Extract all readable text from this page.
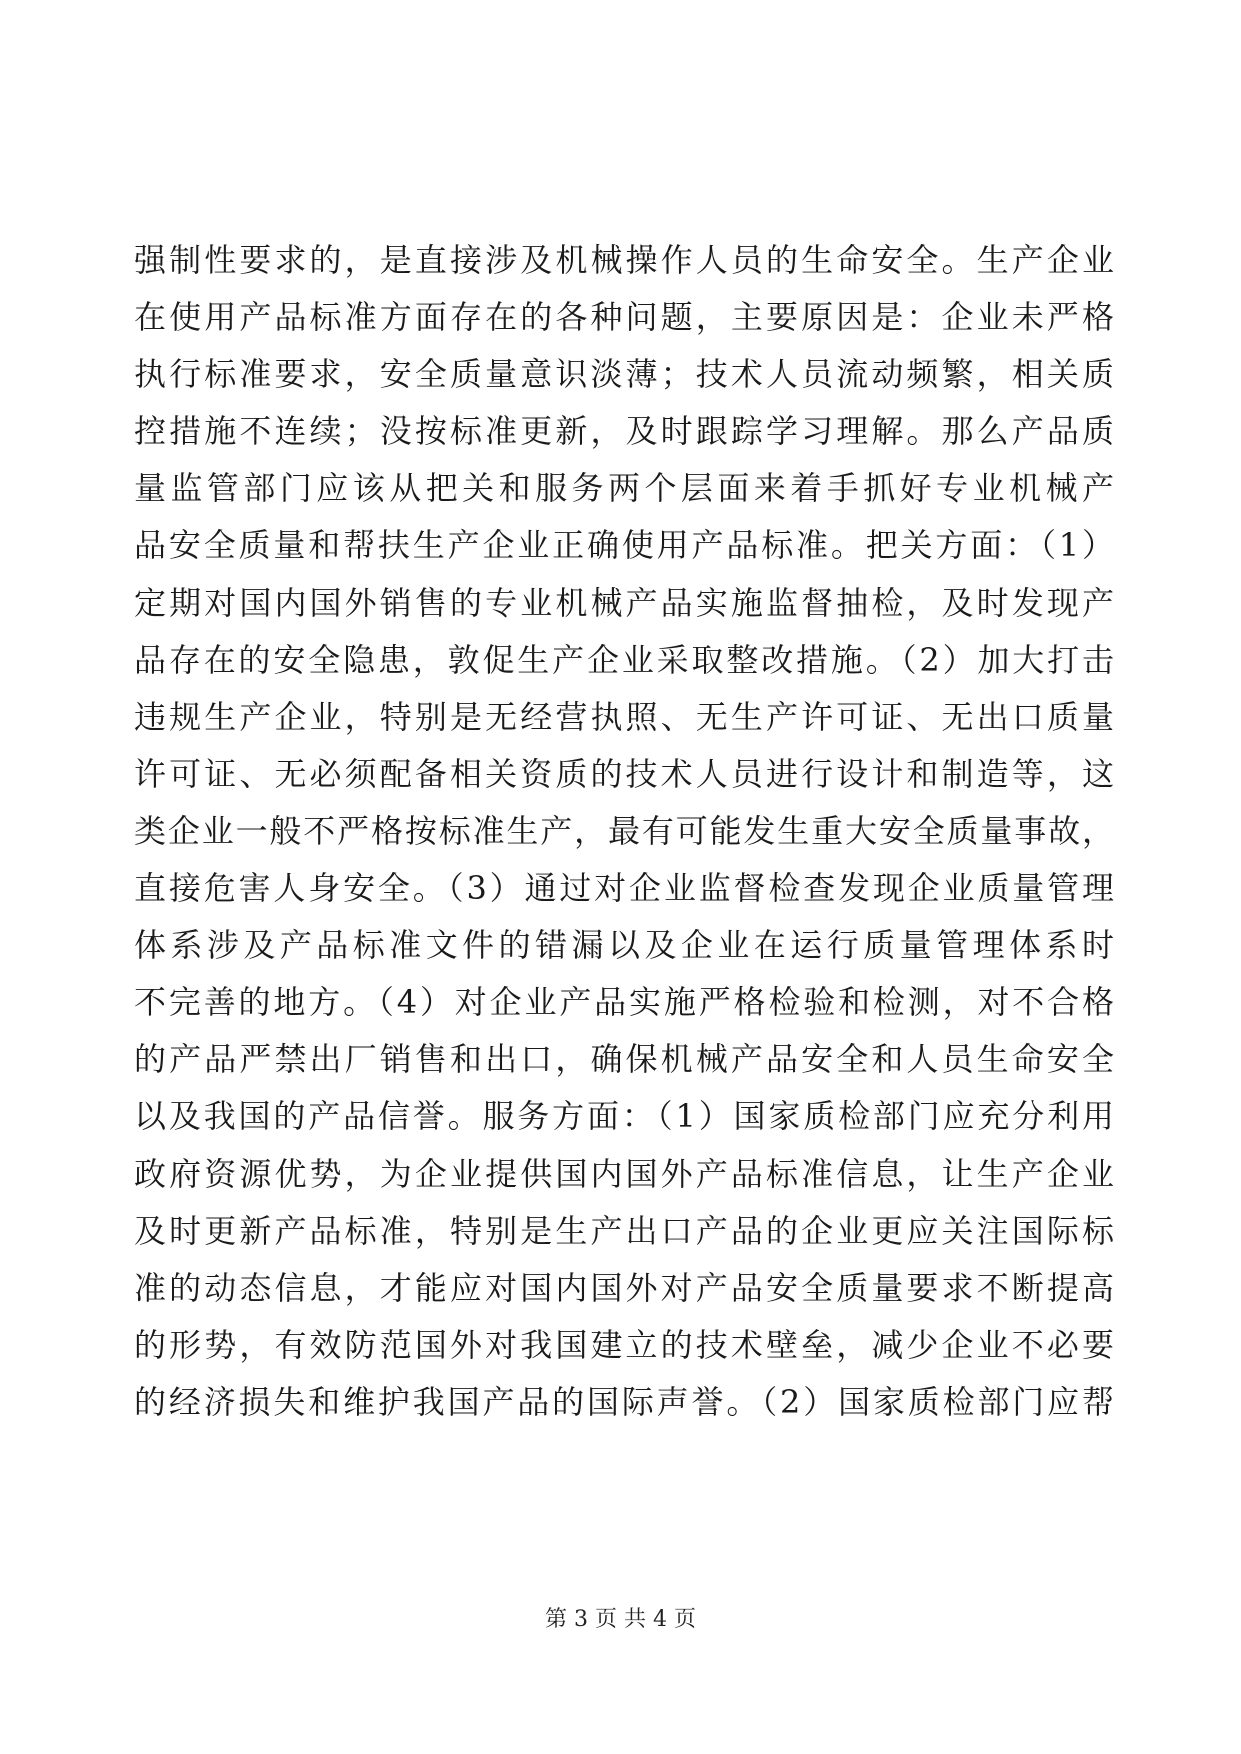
强制性要求的，是直接涉及机械操作人员的生命安全。生产企业
在使用产品标准方面存在的各种问题，主要原因是：企业未严格
执行标准要求，安全质量意识淡薄；技术人员流动频繁，相关质
控措施不连续；没按标准更新，及时跟踪学习理解。那么产品质
量监管部门应该从把关和服务两个层面来着手抓好专业机械产
品安全质量和帮扶生产企业正确使用产品标准。把关方面：（1）
定期对国内国外销售的专业机械产品实施监督抽检，及时发现产
品存在的安全隐患，敦促生产企业采取整改措施。（2）加大打击
违规生产企业，特别是无经营执照、无生产许可证、无出口质量
许可证、无必须配备相关资质的技术人员进行设计和制造等，这
类企业一般不严格按标准生产，最有可能发生重大安全质量事故，
直接危害人身安全。（3）通过对企业监督检查发现企业质量管理
体系涉及产品标准文件的错漏以及企业在运行质量管理体系时
不完善的地方。（4）对企业产品实施严格检验和检测，对不合格
的产品严禁出厂销售和出口，确保机械产品安全和人员生命安全
以及我国的产品信誉。服务方面：（1）国家质检部门应充分利用
政府资源优势，为企业提供国内国外产品标准信息，让生产企业
及时更新产品标准，特别是生产出口产品的企业更应关注国际标
准的动态信息，才能应对国内国外对产品安全质量要求不断提高
的形势，有效防范国外对我国建立的技术壁垒，减少企业不必要
的经济损失和维护我国产品的国际声誉。（2）国家质检部门应帮
第 3 页 共 4 页
